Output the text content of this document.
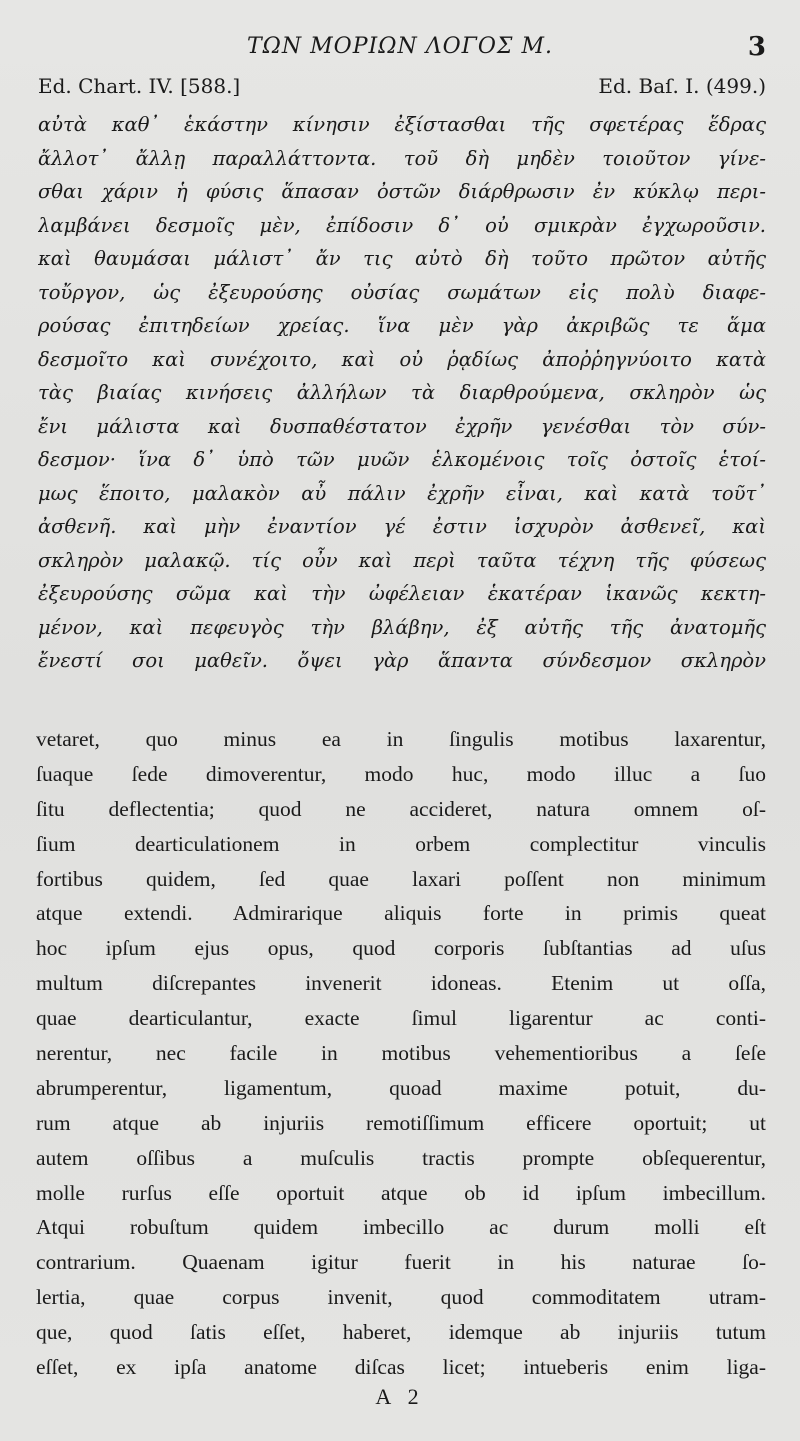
ΤΩΝ ΜΟΡΙΩΝ ΛΟΓΟΣ Μ.	3
Ed. Chart. IV. [588.]	Ed. Baſ. I. (499.)
αὐτὰ καθ᾽ ἑκάστην κίνησιν ἐξίστασθαι τῆς σφετέρας ἕδρας
ἄλλοτ᾽ ἄλλῃ παραλλάττοντα. τοῦ δὴ μηδὲν τοιοῦτον γίνε-
σθαι χάριν ἡ φύσις ἅπασαν ὀστῶν διάρθρωσιν ἐν κύκλῳ περι-
λαμβάνει δεσμοῖς μὲν, ἐπίδοσιν δ᾽ οὐ σμικρὰν ἐγχωροῦσιν.
καὶ θαυμάσαι μάλιστ᾽ ἄν τις αὐτὸ δὴ τοῦτο πρῶτον αὐτῆς
τοὔργον, ὡς ἐξευρούσης οὐσίας σωμάτων εἰς πολὺ διαφε-
ρούσας ἐπιτηδείων χρείας. ἵνα μὲν γὰρ ἀκριβῶς τε ἅμα
δεσμοῖτο καὶ συνέχοιτο, καὶ οὐ ῥᾳδίως ἀποῤῥηγνύοιτο κατὰ
τὰς βιαίας κινήσεις ἀλλήλων τὰ διαρθρούμενα, σκληρὸν ὡς
ἔνι μάλιστα καὶ δυσπαθέστατον ἐχρῆν γενέσθαι τὸν σύν-
δεσμον· ἵνα δ᾽ ὑπὸ τῶν μυῶν ἑλκομένοις τοῖς ὀστοῖς ἑτοί-
μως ἕποιτο, μαλακὸν αὖ πάλιν ἐχρῆν εἶναι, καὶ κατὰ τοῦτ᾽
ἀσθενῆ. καὶ μὴν ἐναντίον γέ ἐστιν ἰσχυρὸν ἀσθενεῖ, καὶ
σκληρὸν μαλακῷ. τίς οὖν καὶ περὶ ταῦτα τέχνη τῆς φύσεως
ἐξευρούσης σῶμα καὶ τὴν ὠφέλειαν ἑκατέραν ἱκανῶς κεκτη-
μένον, καὶ πεφευγὸς τὴν βλάβην, ἐξ αὐτῆς τῆς ἀνατομῆς
ἔνεστί σοι μαθεῖν. ὄψει γὰρ ἅπαντα σύνδεσμον σκληρὸν
vetaret, quo minus ea in ſingulis motibus laxarentur,
ſuaque ſede dimoverentur, modo huc, modo illuc a ſuo
ſitu deflectentia; quod ne accideret, natura omnem oſ-
ſium dearticulationem in orbem complectitur vinculis
fortibus quidem, ſed quae laxari poſſent non minimum
atque extendi. Admirarique aliquis forte in primis queat
hoc ipſum ejus opus, quod corporis ſubſtantias ad uſus
multum diſcrepantes invenerit idoneas. Etenim ut oſſa,
quae dearticulantur, exacte ſimul ligarentur ac conti-
nerentur, nec facile in motibus vehementioribus a ſeſe
abrumperentur, ligamentum, quoad maxime potuit, du-
rum atque ab injuriis remotiſſimum efficere oportuit; ut
autem oſſibus a muſculis tractis prompte obſequerentur,
molle rurſus eſſe oportuit atque ob id ipſum imbecillum.
Atqui robuſtum quidem imbecillo ac durum molli eſt
contrarium. Quaenam igitur fuerit in his naturae ſo-
lertia, quae corpus invenit, quod commoditatem utram-
que, quod ſatis eſſet, haberet, idemque ab injuriis tutum
eſſet, ex ipſa anatome diſcas licet; intueberis enim liga-
A 2
